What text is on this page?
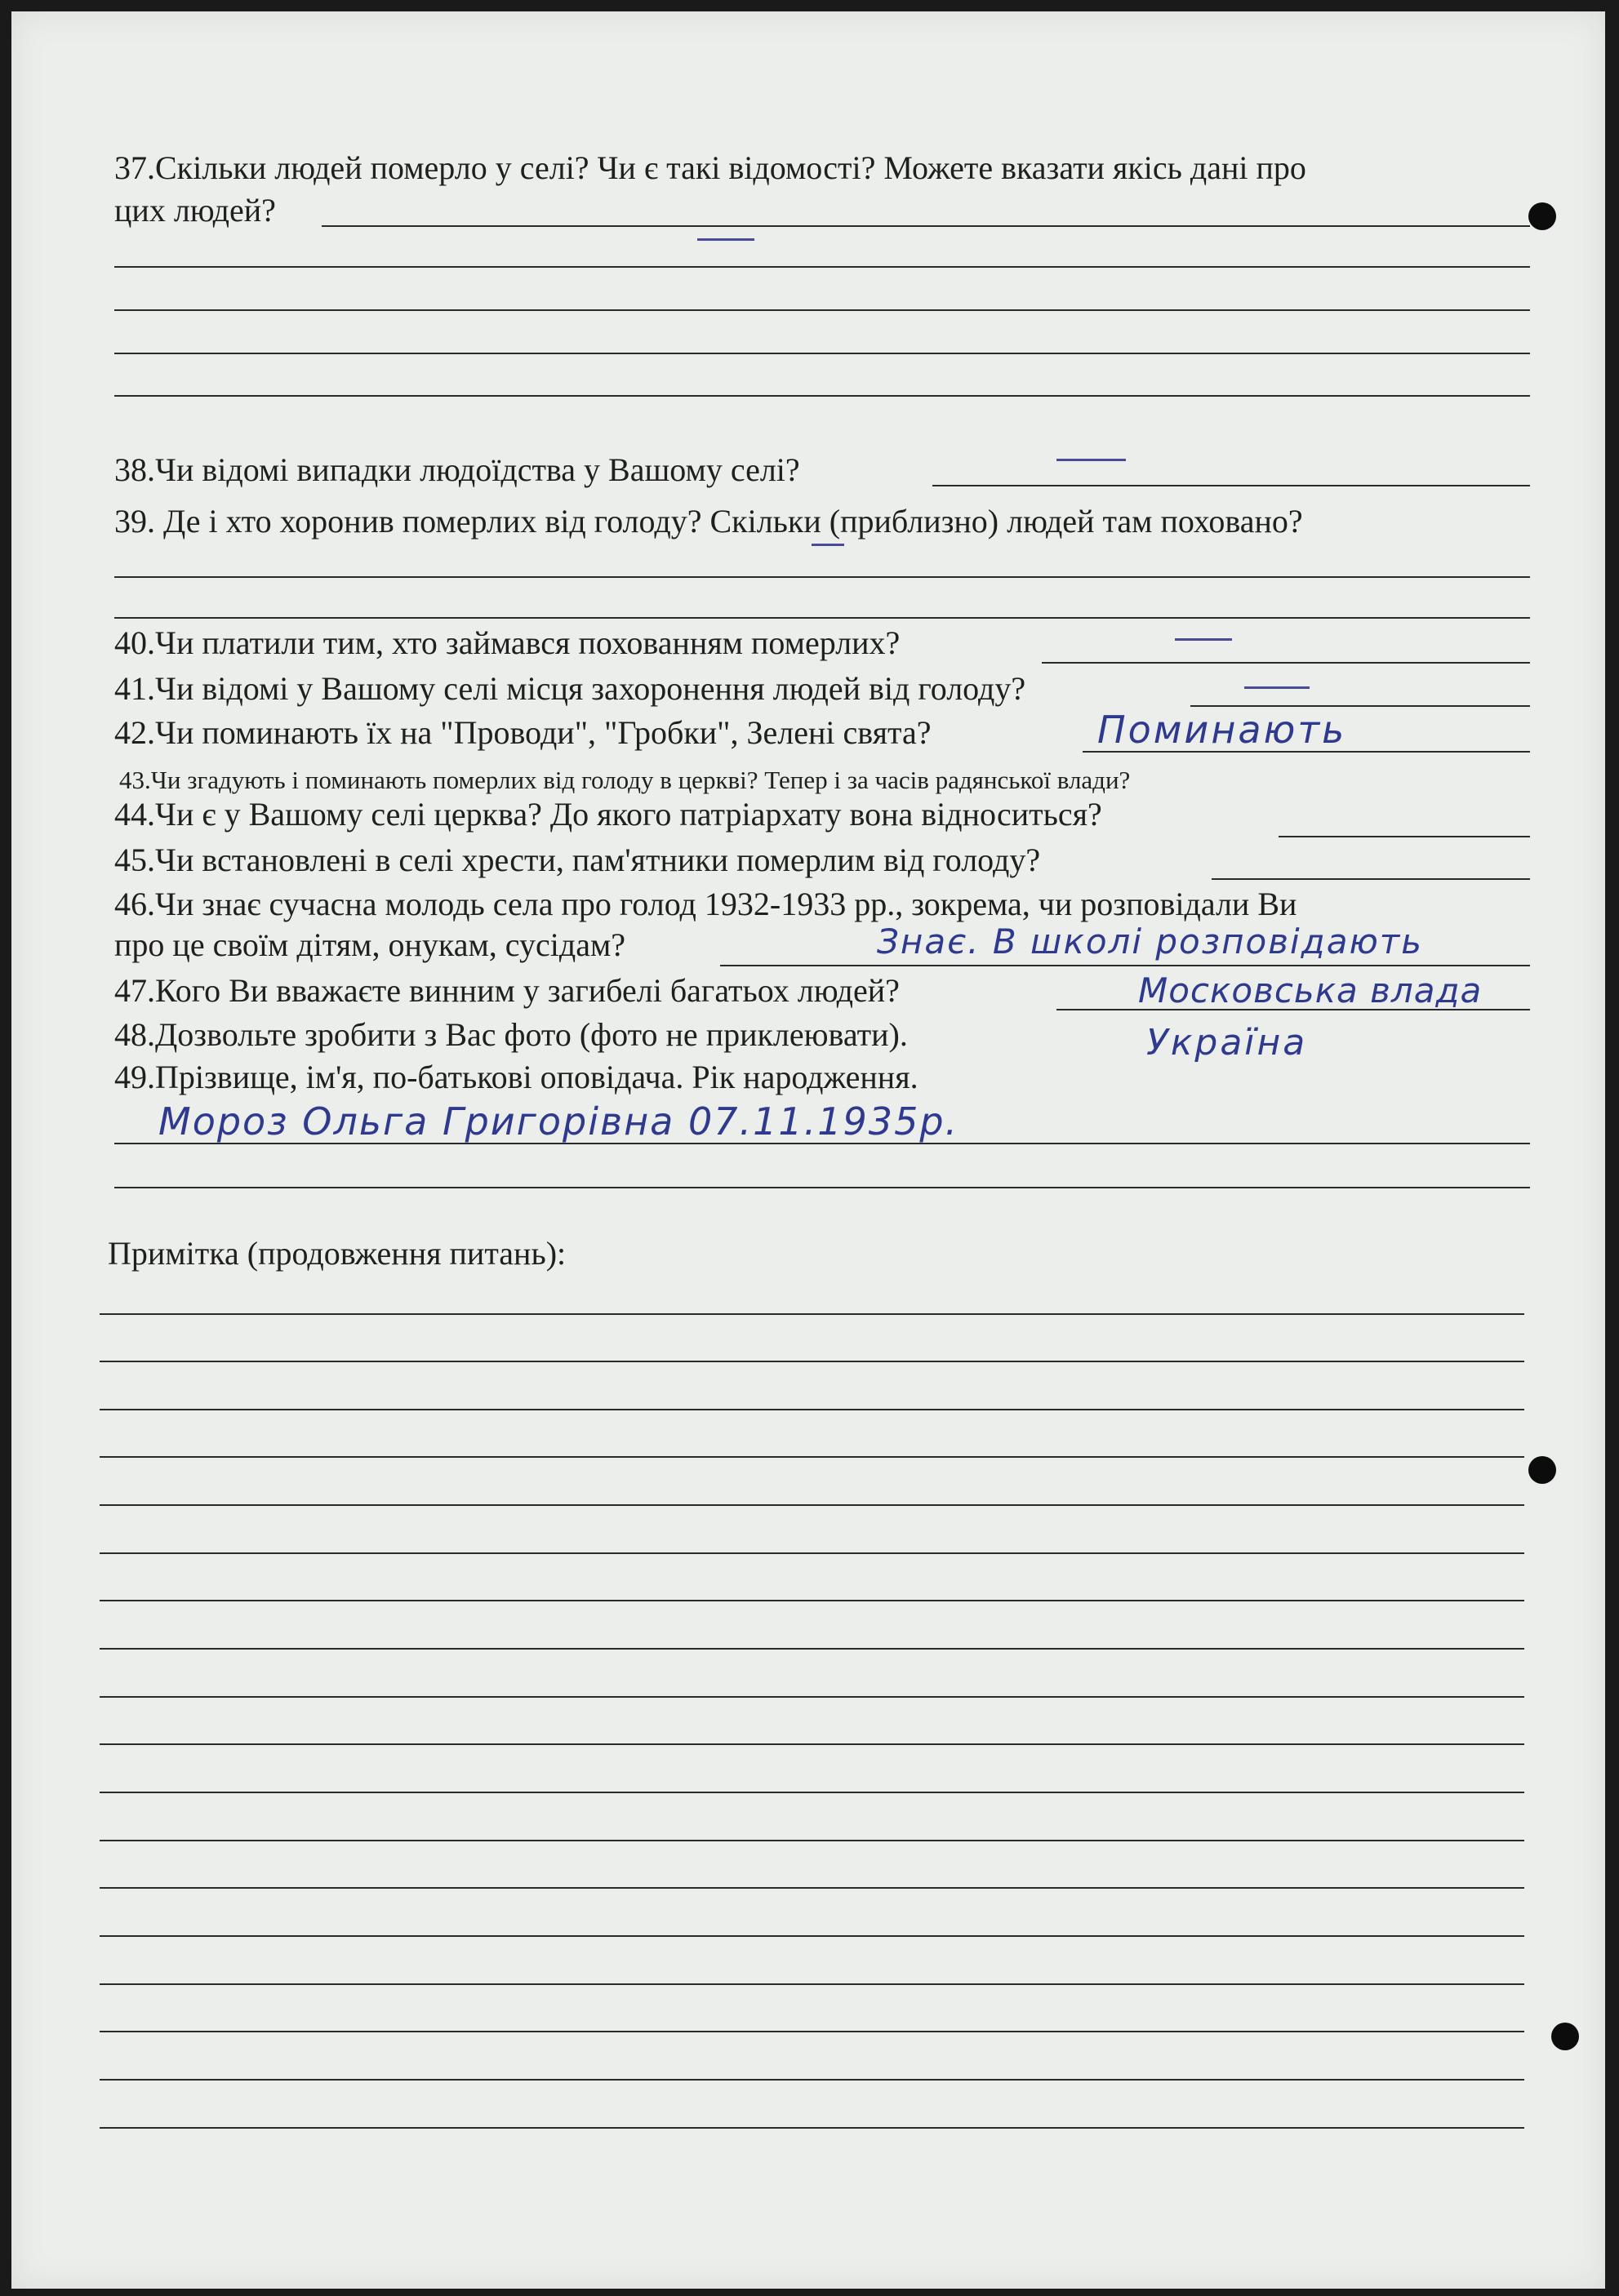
37.Скільки людей померло у селі? Чи є такі відомості? Можете вказати якісь дані про
цих людей?
38.Чи відомі випадки людоїдства у Вашому селі?
39. Де і хто хоронив померлих від голоду? Скільки (приблизно) людей там поховано?
40.Чи платили тим, хто займався похованням померлих?
41.Чи відомі у Вашому селі місця захоронення людей від голоду?
42.Чи поминають їх на "Проводи", "Гробки", Зелені свята?	Поминають
43.Чи згадують і поминають померлих від голоду в церкві? Тепер і за часів радянської влади?
44.Чи є у Вашому селі церква? До якого патріархату вона відноситься?
45.Чи встановлені в селі хрести, пам'ятники померлим від голоду?
46.Чи знає сучасна молодь села про голод 1932-1933 рр., зокрема, чи розповідали Ви
про це своїм дітям, онукам, сусідам?	Знає. В школі розповідають
47.Кого Ви вважаєте винним у загибелі багатьох людей?	Московська влада
48.Дозвольте зробити з Вас фото (фото не приклеювати).	Україна
49.Прізвище, ім'я, по-батькові оповідача. Рік народження.
Мороз Ольга Григорівна 07.11.1935р.
Примітка (продовження питань):
